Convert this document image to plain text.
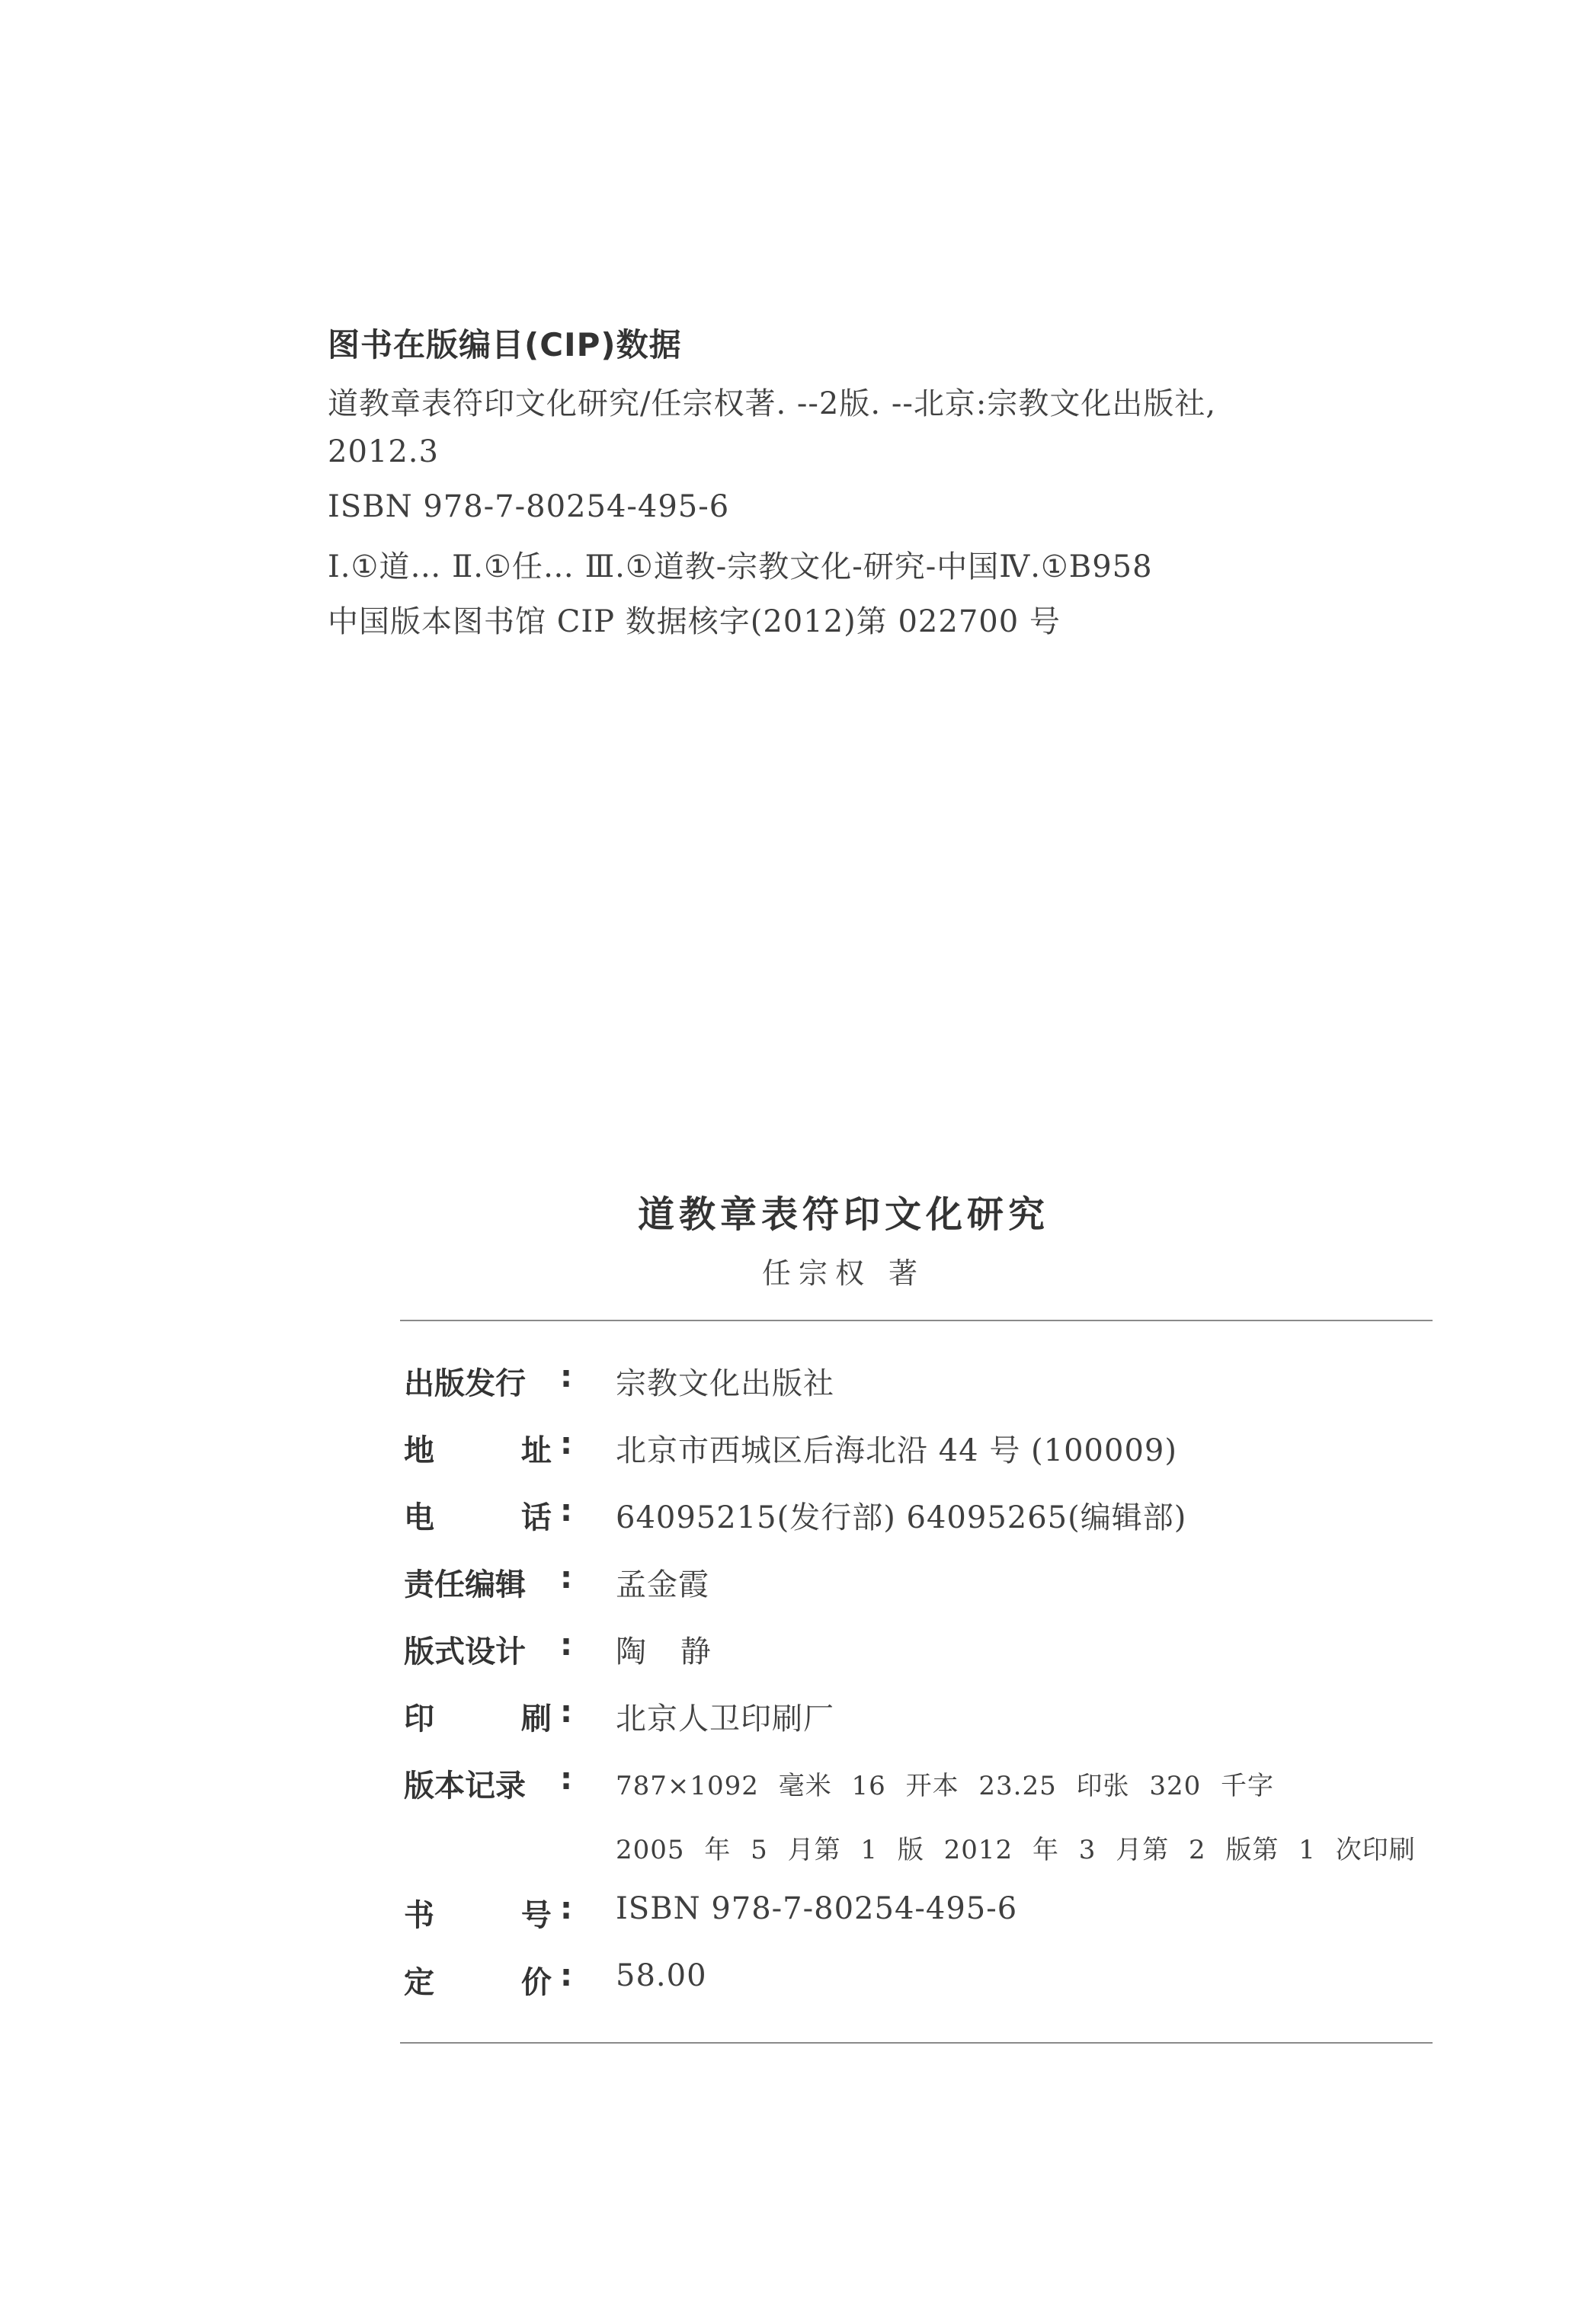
图书在版编目(CIP)数据
道教章表符印文化研究/任宗权著. --2版. --北京:宗教文化出版社,
2012.3
ISBN 978-7-80254-495-6
Ⅰ.①道… Ⅱ.①任… Ⅲ.①道教-宗教文化-研究-中国Ⅳ.①B958
中国版本图书馆 CIP 数据核字(2012)第 022700 号
道教章表符印文化研究
任宗权 著
出版发行	: 宗教文化出版社
地 址 : 北京市西城区后海北沿 44 号 (100009)
电 话 : 64095215(发行部) 64095265(编辑部)
责任编辑	: 孟金霞
版式设计	: 陶 静
印 刷 : 北京人卫印刷厂
版本记录	: 787×1092 毫米 16 开本 23.25 印张 320 千字
2005 年 5 月第 1 版 2012 年 3 月第 2 版第 1 次印刷
书 号 : ISBN 978-7-80254-495-6
定 价 : 58.00
